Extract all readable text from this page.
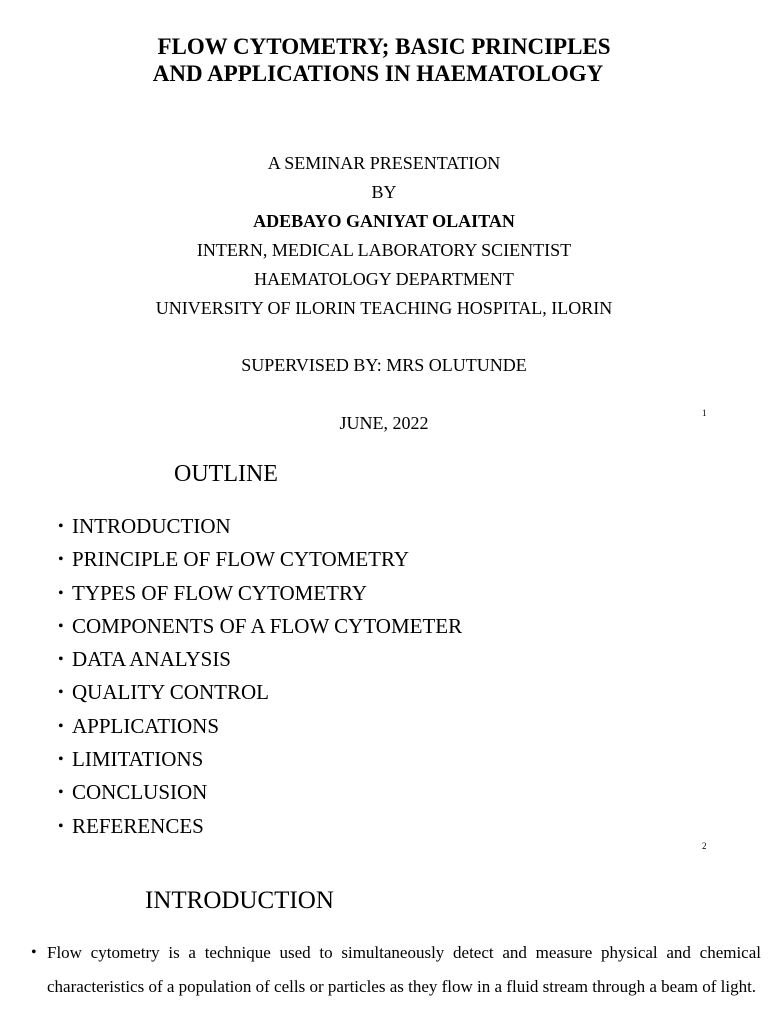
FLOW CYTOMETRY; BASIC PRINCIPLES
AND APPLICATIONS IN HAEMATOLOGY
A SEMINAR PRESENTATION
BY
ADEBAYO GANIYAT OLAITAN
INTERN, MEDICAL LABORATORY SCIENTIST
HAEMATOLOGY DEPARTMENT
UNIVERSITY OF ILORIN TEACHING HOSPITAL, ILORIN
SUPERVISED BY: MRS OLUTUNDE
JUNE, 2022	1
OUTLINE
• INTRODUCTION
• PRINCIPLE OF FLOW CYTOMETRY
• TYPES OF FLOW CYTOMETRY
• COMPONENTS OF A FLOW CYTOMETER
• DATA ANALYSIS
• QUALITY CONTROL
• APPLICATIONS
• LIMITATIONS
• CONCLUSION
• REFERENCES
2
INTRODUCTION
• Flow cytometry is a technique used to simultaneously detect and measure physical and chemical characteristics of a population of cells or particles as they flow in a fluid stream through a beam of light.
